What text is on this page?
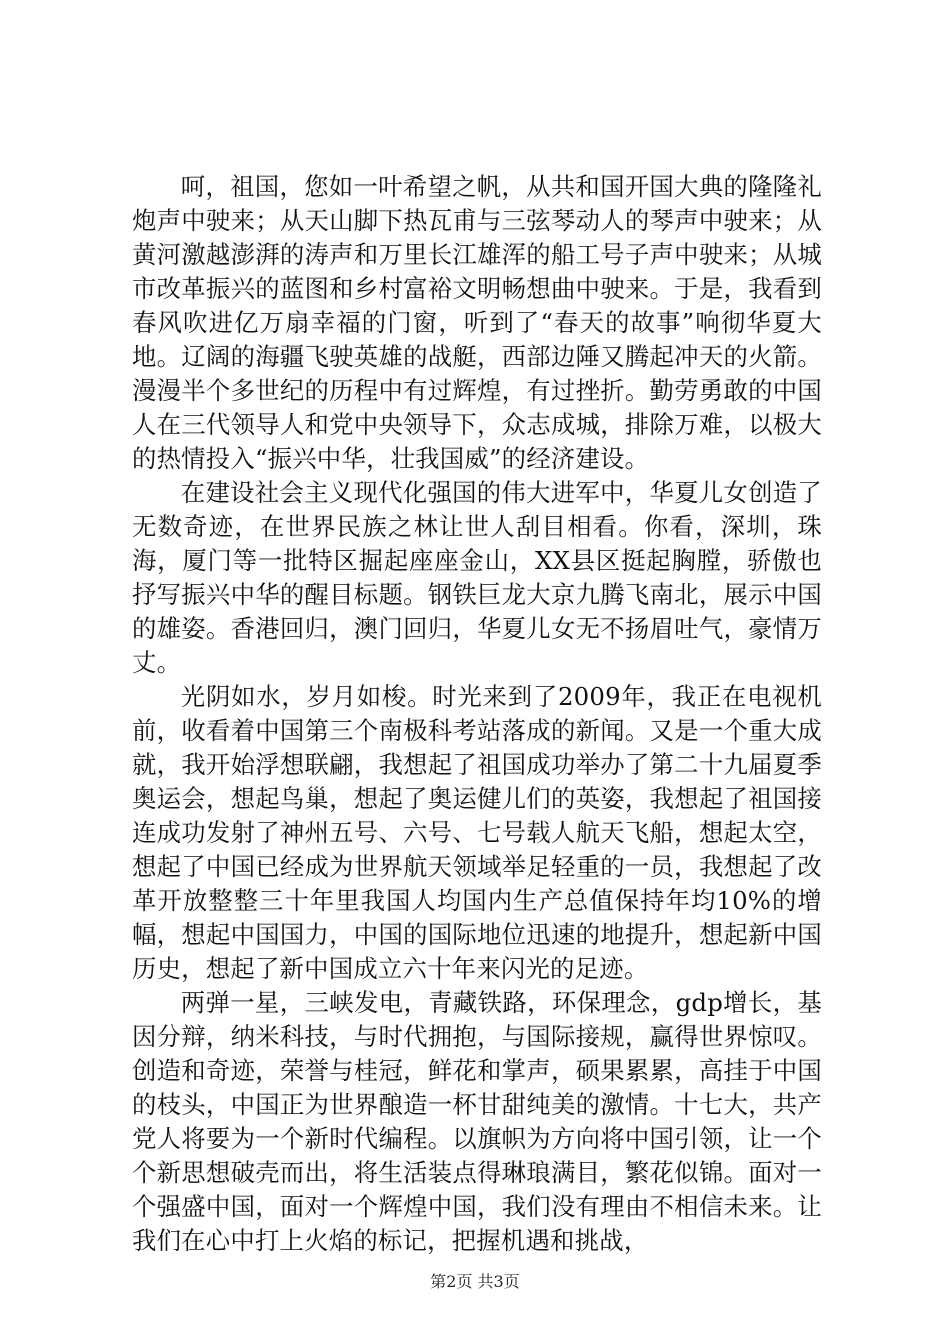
呵，祖国，您如一叶希望之帆，从共和国开国大典的隆隆礼炮声中驶来；从天山脚下热瓦甫与三弦琴动人的琴声中驶来；从黄河激越澎湃的涛声和万里长江雄浑的船工号子声中驶来；从城市改革振兴的蓝图和乡村富裕文明畅想曲中驶来。于是，我看到春风吹进亿万扇幸福的门窗，听到了“春天的故事”响彻华夏大地。辽阔的海疆飞驶英雄的战艇，西部边陲又腾起冲天的火箭。漫漫半个多世纪的历程中有过辉煌，有过挫折。勤劳勇敢的中国人在三代领导人和党中央领导下，众志成城，排除万难，以极大的热情投入“振兴中华，壮我国威”的经济建设。

在建设社会主义现代化强国的伟大进军中，华夏儿女创造了无数奇迹，在世界民族之林让世人刮目相看。你看，深圳，珠海，厦门等一批特区掘起座座金山，XX县区挺起胸膛，骄傲也抒写振兴中华的醒目标题。钢铁巨龙大京九腾飞南北，展示中国的雄姿。香港回归，澳门回归，华夏儿女无不扬眉吐气，豪情万丈。

光阴如水，岁月如梭。时光来到了2009年，我正在电视机前，收看着中国第三个南极科考站落成的新闻。又是一个重大成就，我开始浮想联翩，我想起了祖国成功举办了第二十九届夏季奥运会，想起鸟巢，想起了奥运健儿们的英姿，我想起了祖国接连成功发射了神州五号、六号、七号载人航天飞船，想起太空，想起了中国已经成为世界航天领域举足轻重的一员，我想起了改革开放整整三十年里我国人均国内生产总值保持年均10%的增幅，想起中国国力，中国的国际地位迅速的地提升，想起新中国历史，想起了新中国成立六十年来闪光的足迹。

两弹一星，三峡发电，青藏铁路，环保理念，gdp增长，基因分辩，纳米科技，与时代拥抱，与国际接规，赢得世界惊叹。创造和奇迹，荣誉与桂冠，鲜花和掌声，硕果累累，高挂于中国的枝头，中国正为世界酿造一杯甘甜纯美的激情。十七大，共产党人将要为一个新时代编程。以旗帜为方向将中国引领，让一个个新思想破壳而出，将生活装点得琳琅满目，繁花似锦。面对一个强盛中国，面对一个辉煌中国，我们没有理由不相信未来。让我们在心中打上火焰的标记，把握机遇和挑战，

第2页 共3页
